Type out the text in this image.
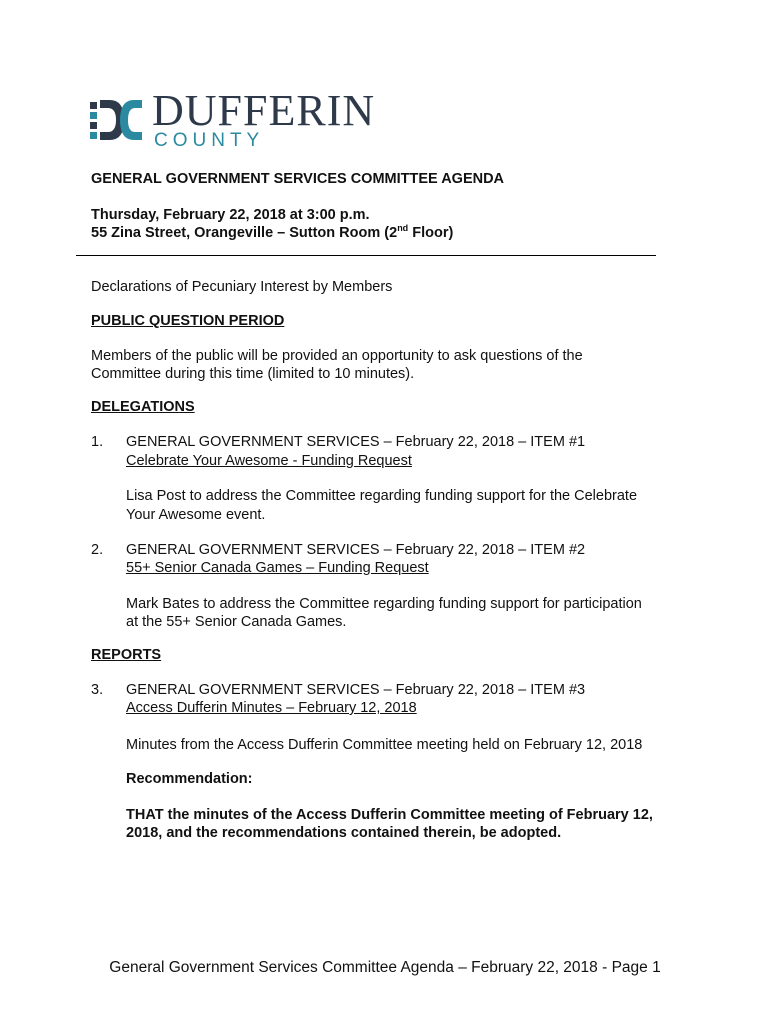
DUFFERIN
COUNTY
GENERAL GOVERNMENT SERVICES COMMITTEE AGENDA
Thursday, February 22, 2018 at 3:00 p.m.
55 Zina Street, Orangeville – Sutton Room (2nd Floor)
Declarations of Pecuniary Interest by Members
PUBLIC QUESTION PERIOD
Members of the public will be provided an opportunity to ask questions of the
Committee during this time (limited to 10 minutes).
DELEGATIONS
1. GENERAL GOVERNMENT SERVICES – February 22, 2018 – ITEM #1
Celebrate Your Awesome - Funding Request
Lisa Post to address the Committee regarding funding support for the Celebrate
Your Awesome event.
2. GENERAL GOVERNMENT SERVICES – February 22, 2018 – ITEM #2
55+ Senior Canada Games – Funding Request
Mark Bates to address the Committee regarding funding support for participation
at the 55+ Senior Canada Games.
REPORTS
3. GENERAL GOVERNMENT SERVICES – February 22, 2018 – ITEM #3
Access Dufferin Minutes – February 12, 2018
Minutes from the Access Dufferin Committee meeting held on February 12, 2018
Recommendation:
THAT the minutes of the Access Dufferin Committee meeting of February 12,
2018, and the recommendations contained therein, be adopted.
General Government Services Committee Agenda – February 22, 2018 - Page 1
